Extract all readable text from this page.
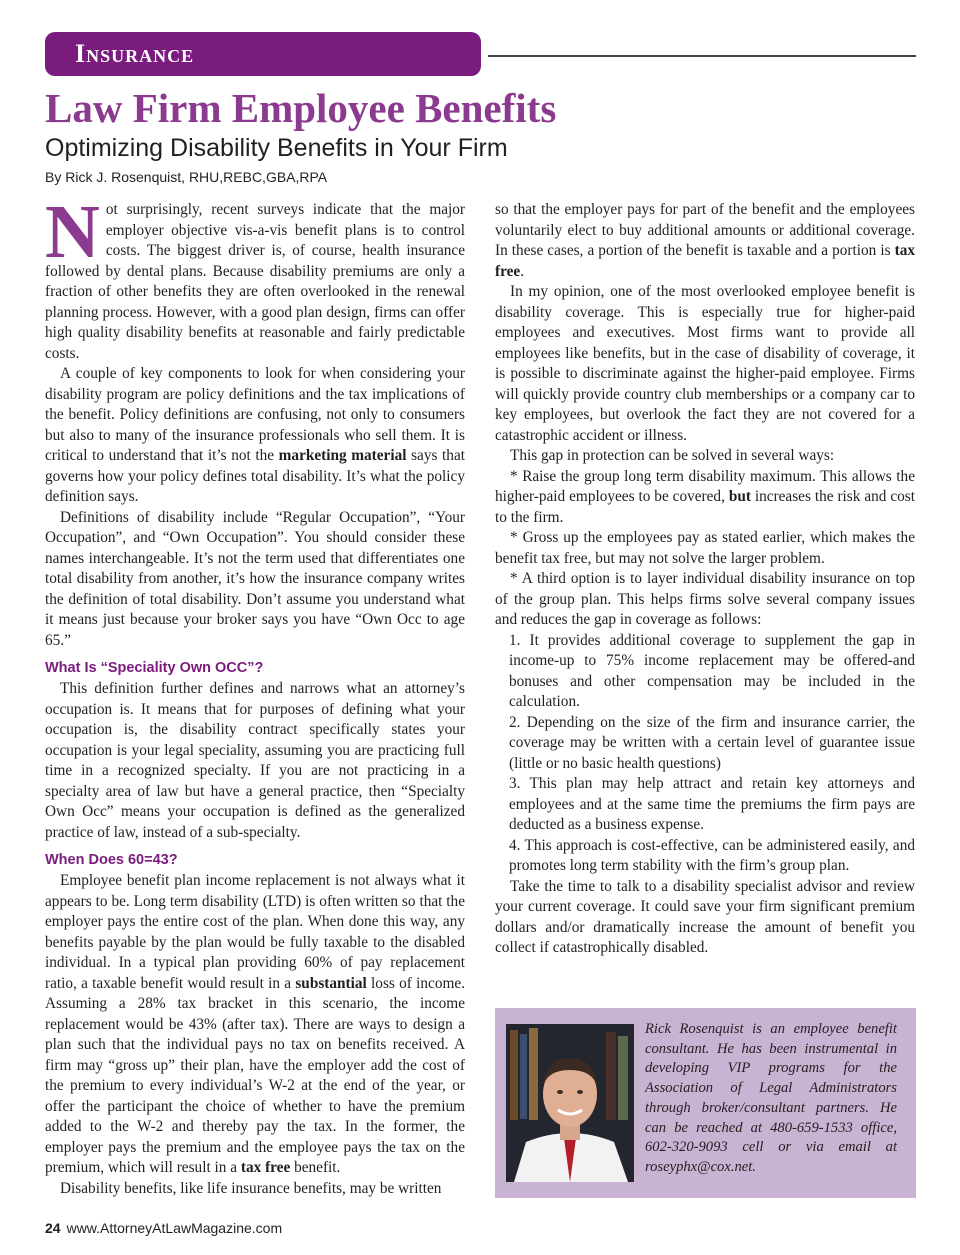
Insurance
Law Firm Employee Benefits
Optimizing Disability Benefits in Your Firm
By Rick J. Rosenquist, RHU,REBC,GBA,RPA

Not surprisingly, recent surveys indicate that the major employer objective vis-a-vis benefit plans is to control costs. The biggest driver is, of course, health insurance followed by dental plans. Because disability premiums are only a fraction of other benefits they are often overlooked in the renewal planning process. However, with a good plan design, firms can offer high quality disability benefits at reasonable and fairly predictable costs.

A couple of key components to look for when considering your disability program are policy definitions and the tax implications of the benefit. Policy definitions are confusing, not only to consumers but also to many of the insurance professionals who sell them. It is critical to understand that it’s not the marketing material says that governs how your policy defines total disability. It’s what the policy definition says.

Definitions of disability include “Regular Occupation”, “Your Occupation”, and “Own Occupation”. You should consider these names interchangeable. It’s not the term used that differentiates one total disability from another, it’s how the insurance company writes the definition of total disability. Don’t assume you understand what it means just because your broker says you have “Own Occ to age 65.”

What Is “Speciality Own OCC”?

This definition further defines and narrows what an attorney’s occupation is. It means that for purposes of defining what your occupation is, the disability contract specifically states your occupation is your legal speciality, assuming you are practicing full time in a recognized specialty. If you are not practicing in a specialty area of law but have a general practice, then “Specialty Own Occ” means your occupation is defined as the generalized practice of law, instead of a sub-specialty.

When Does 60=43?

Employee benefit plan income replacement is not always what it appears to be. Long term disability (LTD) is often written so that the employer pays the entire cost of the plan. When done this way, any benefits payable by the plan would be fully taxable to the disabled individual. In a typical plan providing 60% of pay replacement ratio, a taxable benefit would result in a substantial loss of income. Assuming a 28% tax bracket in this scenario, the income replacement would be 43% (after tax). There are ways to design a plan such that the individual pays no tax on benefits received. A firm may “gross up” their plan, have the employer add the cost of the premium to every individual’s W-2 at the end of the year, or offer the participant the choice of whether to have the premium added to the W-2 and thereby pay the tax. In the former, the employer pays the premium and the employee pays the tax on the premium, which will result in a tax free benefit.

Disability benefits, like life insurance benefits, may be written

so that the employer pays for part of the benefit and the employees voluntarily elect to buy additional amounts or additional coverage. In these cases, a portion of the benefit is taxable and a portion is tax free.

In my opinion, one of the most overlooked employee benefit is disability coverage. This is especially true for higher-paid employees and executives. Most firms want to provide all employees like benefits, but in the case of disability of coverage, it is possible to discriminate against the higher-paid employee. Firms will quickly provide country club memberships or a company car to key employees, but overlook the fact they are not covered for a catastrophic accident or illness.

This gap in protection can be solved in several ways:

* Raise the group long term disability maximum. This allows the higher-paid employees to be covered, but increases the risk and cost to the firm.

* Gross up the employees pay as stated earlier, which makes the benefit tax free, but may not solve the larger problem.

* A third option is to layer individual disability insurance on top of the group plan. This helps firms solve several company issues and reduces the gap in coverage as follows:

1. It provides additional coverage to supplement the gap in income-up to 75% income replacement may be offered-and bonuses and other compensation may be included in the calculation.

2. Depending on the size of the firm and insurance carrier, the coverage may be written with a certain level of guarantee issue (little or no basic health questions)

3. This plan may help attract and retain key attorneys and employees and at the same time the premiums the firm pays are deducted as a business expense.

4. This approach is cost-effective, can be administered easily, and promotes long term stability with the firm’s group plan.

Take the time to talk to a disability specialist advisor and review your current coverage. It could save your firm significant premium dollars and/or dramatically increase the amount of benefit you collect if catastrophically disabled.

Rick Rosenquist is an employee benefit consultant. He has been instrumental in developing VIP programs for the Association of Legal Administrators through broker/consultant partners. He can be reached at 480-659-1533 office, 602-320-9093 cell or via email at roseyphx@cox.net.
24 www.AttorneyAtLawMagazine.com
